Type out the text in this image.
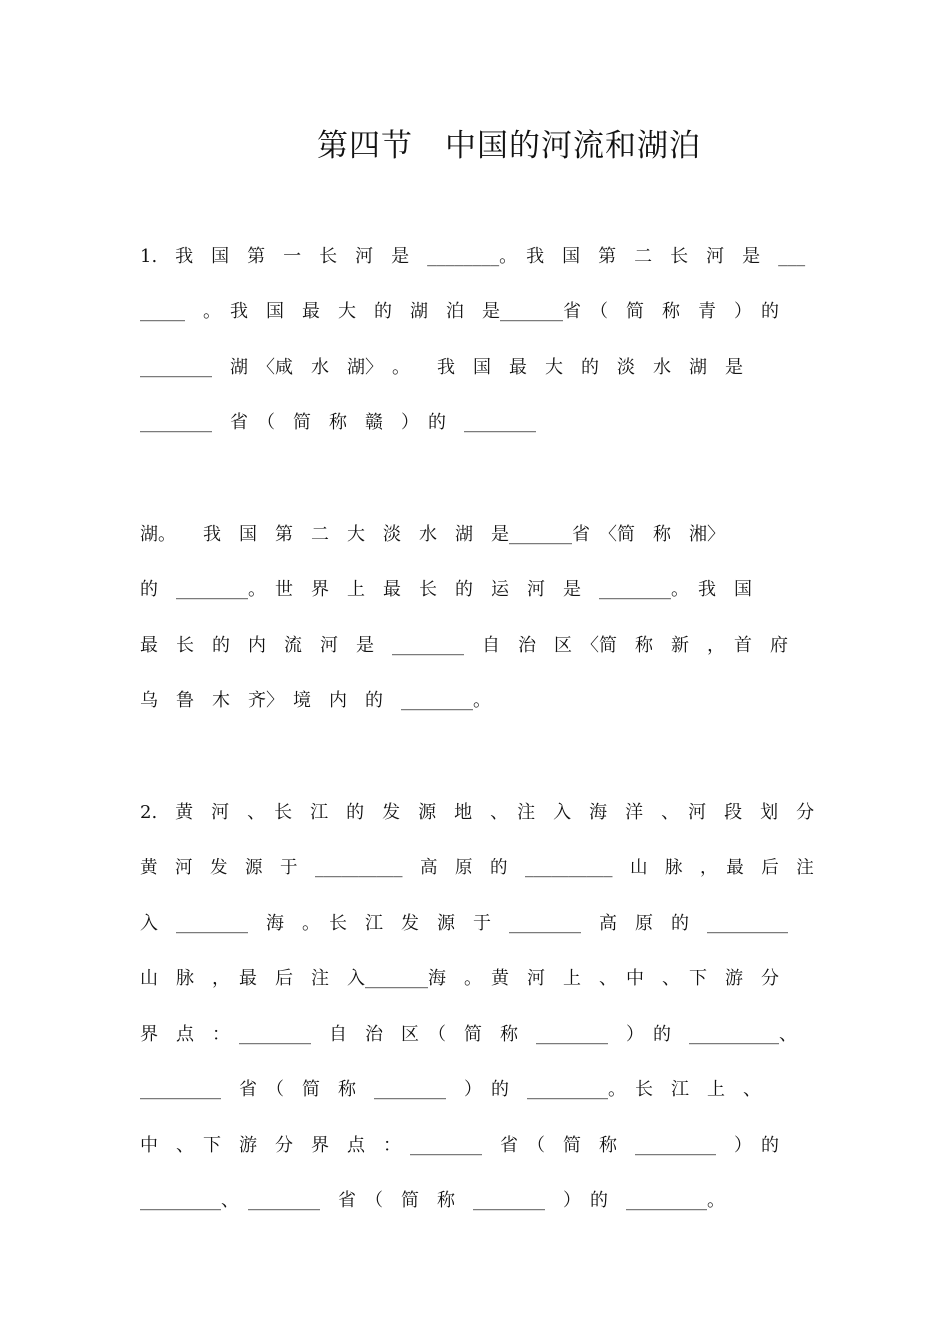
第四节　中国的河流和湖泊
1.　我　国　第　一　长　河　是　________。　我　国　第　二　长　河　是　___
_____　。　我　国　最　大　的　湖　泊　是_______省　（　简　称　青　）　的
________　湖　〈咸　水　湖〉　。　　我　国　最　大　的　淡　水　湖　是
________　省　（　简　称　赣　）　的　________
湖。　　我　国　第　二　大　淡　水　湖　是_______省　〈简　称　湘〉
的　________。　世　界　上　最　长　的　运　河　是　________。　我　国
最　长　的　内　流　河　是　________　自　治　区　〈简　称　新　，　首　府
乌　鲁　木　齐〉　境　内　的　________。
2.　黄　河　、　长　江　的　发　源　地　、　注　入　海　洋　、　河　段　划　分
黄　河　发　源　于　__________　高　原　的　__________　山　脉　，　最　后　注
入　________　海　。　长　江　发　源　于　________　高　原　的　_________
山　脉　，　最　后　注　入_______海　。　黄　河　上　、　中　、　下　游　分
界　点　：　________　自　治　区　（　简　称　________　）　的　__________、
_________　省　（　简　称　________　）　的　_________。　长　江　上　、
中　、　下　游　分　界　点　：　________　省　（　简　称　_________　）　的
_________、　________　省　（　简　称　________　）　的　_________。
